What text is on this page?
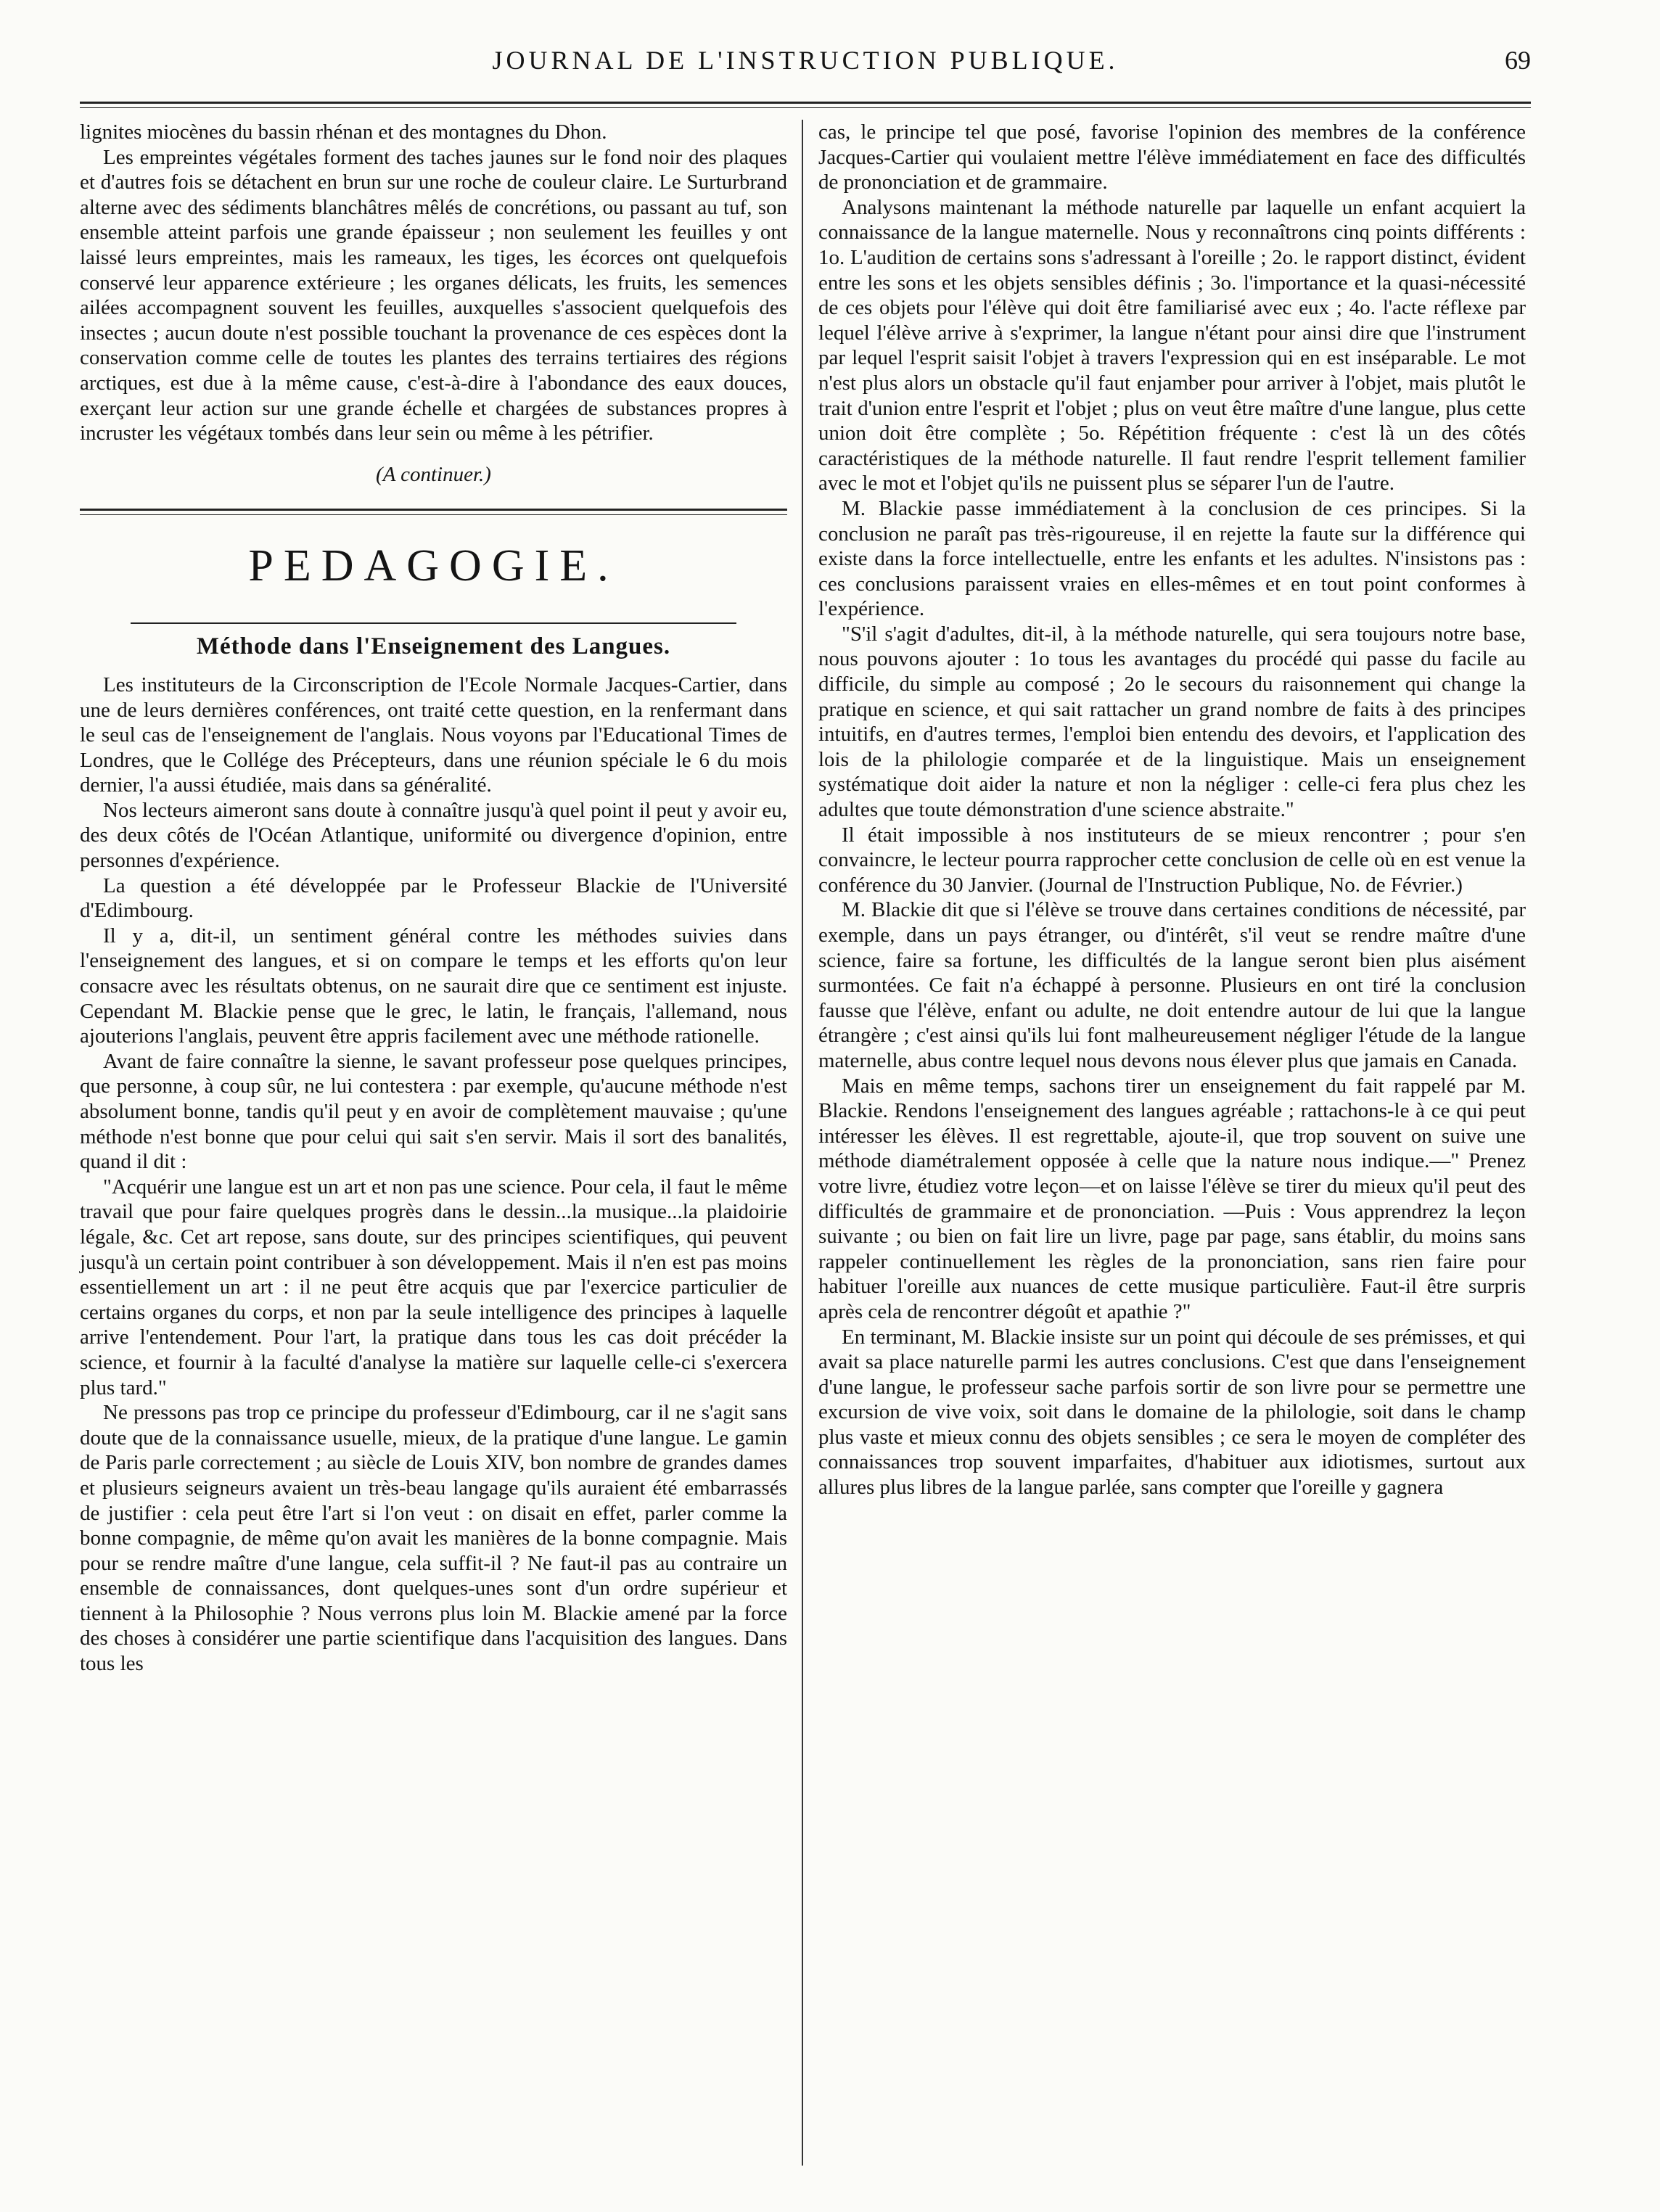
JOURNAL DE L'INSTRUCTION PUBLIQUE.	69

lignites miocènes du bassin rhénan et des montagnes du Dhon.

Les empreintes végétales forment des taches jaunes sur le fond noir des plaques et d'autres fois se détachent en brun sur une roche de couleur claire. Le Surturbrand alterne avec des sédiments blanchâtres mêlés de concrétions, ou passant au tuf, son ensemble atteint parfois une grande épaisseur ; non seulement les feuilles y ont laissé leurs empreintes, mais les rameaux, les tiges, les écorces ont quelquefois conservé leur apparence extérieure ; les organes délicats, les fruits, les semences ailées accompagnent souvent les feuilles, auxquelles s'associent quelquefois des insectes ; aucun doute n'est possible touchant la provenance de ces espèces dont la conservation comme celle de toutes les plantes des terrains tertiaires des régions arctiques, est due à la même cause, c'est-à-dire à l'abondance des eaux douces, exerçant leur action sur une grande échelle et chargées de substances propres à incruster les végétaux tombés dans leur sein ou même à les pétrifier.

(A continuer.)
PEDAGOGIE.
Méthode dans l'Enseignement des Langues.

Les instituteurs de la Circonscription de l'Ecole Normale Jacques-Cartier, dans une de leurs dernières conférences, ont traité cette question, en la renfermant dans le seul cas de l'enseignement de l'anglais. Nous voyons par l'Educational Times de Londres, que le Collége des Précepteurs, dans une réunion spéciale le 6 du mois dernier, l'a aussi étudiée, mais dans sa généralité.

Nos lecteurs aimeront sans doute à connaître jusqu'à quel point il peut y avoir eu, des deux côtés de l'Océan Atlantique, uniformité ou divergence d'opinion, entre personnes d'expérience.

La question a été développée par le Professeur Blackie de l'Université d'Edimbourg.

Il y a, dit-il, un sentiment général contre les méthodes suivies dans l'enseignement des langues, et si on compare le temps et les efforts qu'on leur consacre avec les résultats obtenus, on ne saurait dire que ce sentiment est injuste. Cependant M. Blackie pense que le grec, le latin, le français, l'allemand, nous ajouterions l'anglais, peuvent être appris facilement avec une méthode rationelle.

Avant de faire connaître la sienne, le savant professeur pose quelques principes, que personne, à coup sûr, ne lui contestera : par exemple, qu'aucune méthode n'est absolument bonne, tandis qu'il peut y en avoir de complètement mauvaise ; qu'une méthode n'est bonne que pour celui qui sait s'en servir. Mais il sort des banalités, quand il dit :

"Acquérir une langue est un art et non pas une science. Pour cela, il faut le même travail que pour faire quelques progrès dans le dessin...la musique...la plaidoirie légale, &c. Cet art repose, sans doute, sur des principes scientifiques, qui peuvent jusqu'à un certain point contribuer à son développement. Mais il n'en est pas moins essentiellement un art : il ne peut être acquis que par l'exercice particulier de certains organes du corps, et non par la seule intelligence des principes à laquelle arrive l'entendement. Pour l'art, la pratique dans tous les cas doit précéder la science, et fournir à la faculté d'analyse la matière sur laquelle celle-ci s'exercera plus tard."

Ne pressons pas trop ce principe du professeur d'Edimbourg, car il ne s'agit sans doute que de la connaissance usuelle, mieux, de la pratique d'une langue. Le gamin de Paris parle correctement ; au siècle de Louis XIV, bon nombre de grandes dames et plusieurs seigneurs avaient un très-beau langage qu'ils auraient été embarrassés de justifier : cela peut être l'art si l'on veut : on disait en effet, parler comme la bonne compagnie, de même qu'on avait les manières de la bonne compagnie. Mais pour se rendre maître d'une langue, cela suffit-il ? Ne faut-il pas au contraire un ensemble de connaissances, dont quelques-unes sont d'un ordre supérieur et tiennent à la Philosophie ? Nous verrons plus loin M. Blackie amené par la force des choses à considérer une partie scientifique dans l'acquisition des langues. Dans tous les

cas, le principe tel que posé, favorise l'opinion des membres de la conférence Jacques-Cartier qui voulaient mettre l'élève immédiatement en face des difficultés de prononciation et de grammaire.

Analysons maintenant la méthode naturelle par laquelle un enfant acquiert la connaissance de la langue maternelle. Nous y reconnaîtrons cinq points différents : 1o. L'audition de certains sons s'adressant à l'oreille ; 2o. le rapport distinct, évident entre les sons et les objets sensibles définis ; 3o. l'importance et la quasi-nécessité de ces objets pour l'élève qui doit être familiarisé avec eux ; 4o. l'acte réflexe par lequel l'élève arrive à s'exprimer, la langue n'étant pour ainsi dire que l'instrument par lequel l'esprit saisit l'objet à travers l'expression qui en est inséparable. Le mot n'est plus alors un obstacle qu'il faut enjamber pour arriver à l'objet, mais plutôt le trait d'union entre l'esprit et l'objet ; plus on veut être maître d'une langue, plus cette union doit être complète ; 5o. Répétition fréquente : c'est là un des côtés caractéristiques de la méthode naturelle. Il faut rendre l'esprit tellement familier avec le mot et l'objet qu'ils ne puissent plus se séparer l'un de l'autre.

M. Blackie passe immédiatement à la conclusion de ces principes. Si la conclusion ne paraît pas très-rigoureuse, il en rejette la faute sur la différence qui existe dans la force intellectuelle, entre les enfants et les adultes. N'insistons pas : ces conclusions paraissent vraies en elles-mêmes et en tout point conformes à l'expérience.

"S'il s'agit d'adultes, dit-il, à la méthode naturelle, qui sera toujours notre base, nous pouvons ajouter : 1o tous les avantages du procédé qui passe du facile au difficile, du simple au composé ; 2o le secours du raisonnement qui change la pratique en science, et qui sait rattacher un grand nombre de faits à des principes intuitifs, en d'autres termes, l'emploi bien entendu des devoirs, et l'application des lois de la philologie comparée et de la linguistique. Mais un enseignement systématique doit aider la nature et non la négliger : celle-ci fera plus chez les adultes que toute démonstration d'une science abstraite."

Il était impossible à nos instituteurs de se mieux rencontrer ; pour s'en convaincre, le lecteur pourra rapprocher cette conclusion de celle où en est venue la conférence du 30 Janvier. (Journal de l'Instruction Publique, No. de Février.)

M. Blackie dit que si l'élève se trouve dans certaines conditions de nécessité, par exemple, dans un pays étranger, ou d'intérêt, s'il veut se rendre maître d'une science, faire sa fortune, les difficultés de la langue seront bien plus aisément surmontées. Ce fait n'a échappé à personne. Plusieurs en ont tiré la conclusion fausse que l'élève, enfant ou adulte, ne doit entendre autour de lui que la langue étrangère ; c'est ainsi qu'ils lui font malheureusement négliger l'étude de la langue maternelle, abus contre lequel nous devons nous élever plus que jamais en Canada.

Mais en même temps, sachons tirer un enseignement du fait rappelé par M. Blackie. Rendons l'enseignement des langues agréable ; rattachons-le à ce qui peut intéresser les élèves. Il est regrettable, ajoute-il, que trop souvent on suive une méthode diamétralement opposée à celle que la nature nous indique.—" Prenez votre livre, étudiez votre leçon—et on laisse l'élève se tirer du mieux qu'il peut des difficultés de grammaire et de prononciation. —Puis : Vous apprendrez la leçon suivante ; ou bien on fait lire un livre, page par page, sans établir, du moins sans rappeler continuellement les règles de la prononciation, sans rien faire pour habituer l'oreille aux nuances de cette musique particulière. Faut-il être surpris après cela de rencontrer dégoût et apathie ?"

En terminant, M. Blackie insiste sur un point qui découle de ses prémisses, et qui avait sa place naturelle parmi les autres conclusions. C'est que dans l'enseignement d'une langue, le professeur sache parfois sortir de son livre pour se permettre une excursion de vive voix, soit dans le domaine de la philologie, soit dans le champ plus vaste et mieux connu des objets sensibles ; ce sera le moyen de compléter des connaissances trop souvent imparfaites, d'habituer aux idiotismes, surtout aux allures plus libres de la langue parlée, sans compter que l'oreille y gagnera
